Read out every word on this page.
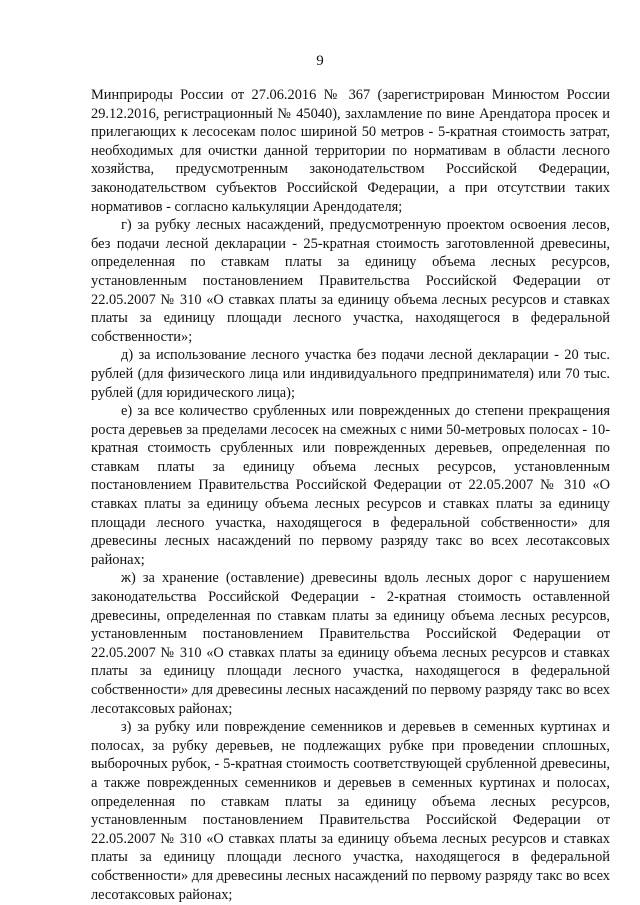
9

Минприроды России от 27.06.2016 № 367 (зарегистрирован Минюстом России 29.12.2016, регистрационный № 45040), захламление по вине Арендатора просек и прилегающих к лесосекам полос шириной 50 метров - 5-кратная стоимость затрат, необходимых для очистки данной территории по нормативам в области лесного хозяйства, предусмотренным законодательством Российской Федерации, законодательством субъектов Российской Федерации, а при отсутствии таких нормативов - согласно калькуляции Арендодателя;

г) за рубку лесных насаждений, предусмотренную проектом освоения лесов, без подачи лесной декларации - 25-кратная стоимость заготовленной древесины, определенная по ставкам платы за единицу объема лесных ресурсов, установленным постановлением Правительства Российской Федерации от 22.05.2007 № 310 «О ставках платы за единицу объема лесных ресурсов и ставках платы за единицу площади лесного участка, находящегося в федеральной собственности»;

д) за использование лесного участка без подачи лесной декларации - 20 тыс. рублей (для физического лица или индивидуального предпринимателя) или 70 тыс. рублей (для юридического лица);

е) за все количество срубленных или поврежденных до степени прекращения роста деревьев за пределами лесосек на смежных с ними 50-метровых полосах - 10-кратная стоимость срубленных или поврежденных деревьев, определенная по ставкам платы за единицу объема лесных ресурсов, установленным постановлением Правительства Российской Федерации от 22.05.2007 № 310 «О ставках платы за единицу объема лесных ресурсов и ставках платы за единицу площади лесного участка, находящегося в федеральной собственности» для древесины лесных насаждений по первому разряду такс во всех лесотаксовых районах;

ж) за хранение (оставление) древесины вдоль лесных дорог с нарушением законодательства Российской Федерации - 2-кратная стоимость оставленной древесины, определенная по ставкам платы за единицу объема лесных ресурсов, установленным постановлением Правительства Российской Федерации от 22.05.2007 № 310 «О ставках платы за единицу объема лесных ресурсов и ставках платы за единицу площади лесного участка, находящегося в федеральной собственности» для древесины лесных насаждений по первому разряду такс во всех лесотаксовых районах;

з) за рубку или повреждение семенников и деревьев в семенных куртинах и полосах, за рубку деревьев, не подлежащих рубке при проведении сплошных, выборочных рубок, - 5-кратная стоимость соответствующей срубленной древесины, а также поврежденных семенников и деревьев в семенных куртинах и полосах, определенная по ставкам платы за единицу объема лесных ресурсов, установленным постановлением Правительства Российской Федерации от 22.05.2007 № 310 «О ставках платы за единицу объема лесных ресурсов и ставках платы за единицу площади лесного участка, находящегося в федеральной собственности» для древесины лесных насаждений по первому разряду такс во всех лесотаксовых районах;
